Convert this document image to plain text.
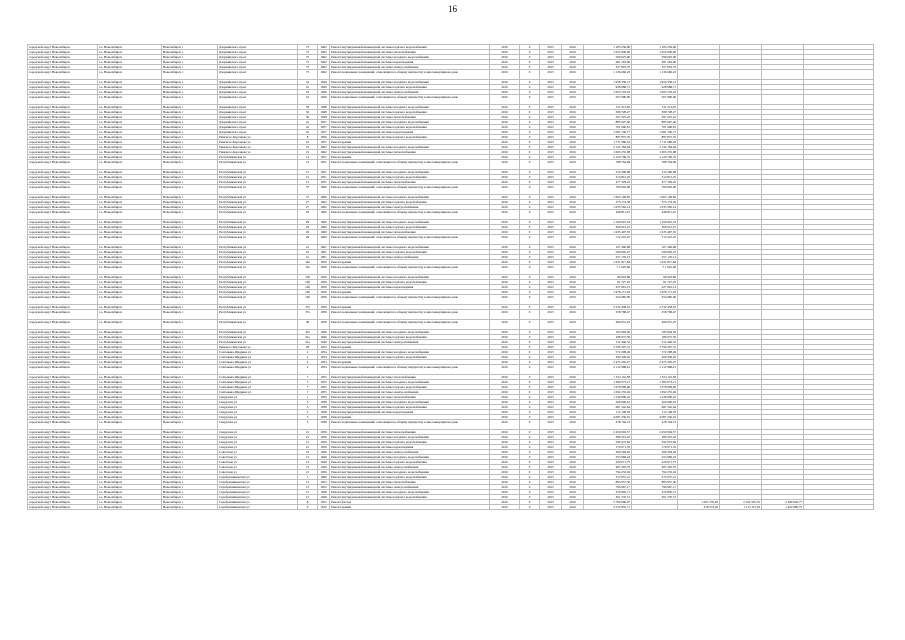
16
городской округ Новосибирск	г.о. Новосибирск	Новосибирск г	Дзержинского пр-кт	75	1962	Ремонт внутридомовой инженерной системы горячего водоснабжения	2016	0	2015	2016	1 183 256,00	1 183 256,00				
городской округ Новосибирск	г.о. Новосибирск	Новосибирск г	Дзержинского пр-кт	75	1962	Ремонт внутридомовой инженерной системы теплоснабжения	2016	0	2015	2016	1 052 000,00	1 052 000,00				
городской округ Новосибирск	г.о. Новосибирск	Новосибирск г	Дзержинского пр-кт	75	1962	Ремонт внутридомовой инженерной системы холодного водоснабжения	2016	0	2015	2016	599 025,00	599 025,00				
городской округ Новосибирск	г.о. Новосибирск	Новосибирск г	Дзержинского пр-кт	75	1962	Ремонт внутридомовой инженерной системы водоотведения	2016	0	2015	2016	481 263,00	481 263,00				
городской округ Новосибирск	г.о. Новосибирск	Новосибирск г	Дзержинского пр-кт	75	1962	Ремонт внутридомовой инженерной системы электроснабжения	2016	0	2015	2016	327 819,79	327 819,79				
городской округ Новосибирск	г.о. Новосибирск	Новосибирск г	Дзержинского пр-кт	75	1962	Ремонт подвальных помещений, относящихся к общему имуществу в многоквартирном доме	2016	0	2015	2016	1 136 660,23	1 136 660,23				
городской округ Новосибирск	г.о. Новосибирск	Новосибирск г	Дзержинского пр-кт	16	1949	Ремонт внутридомовой инженерной системы холодного водоснабжения	2016	0	2015	2016	1 956 358,13	1 956 358,13				
городской округ Новосибирск	г.о. Новосибирск	Новосибирск г	Дзержинского пр-кт	16	1949	Ремонт внутридомовой инженерной системы горячего водоснабжения	2016	0	2015	2016	928 688,71	928 688,71				
городской округ Новосибирск	г.о. Новосибирск	Новосибирск г	Дзержинского пр-кт	16	1949	Ремонт внутридомовой инженерной системы электроснабжения	2016	0	2015	2016	1 093 718,43	1 093 718,43				
городской округ Новосибирск	г.о. Новосибирск	Новосибирск г	Дзержинского пр-кт	16	1949	Ремонт подвальных помещений, относящихся к общему имуществу в многоквартирном доме	2016	0	2015	2016	567 990,00	567 990,00				
городской округ Новосибирск	г.о. Новосибирск	Новосибирск г	Дзержинского пр-кт	30	1948	Ремонт внутридомовой инженерной системы холодного водоснабжения	2016	0	2015	2016	511 213,02	511 213,02				
городской округ Новосибирск	г.о. Новосибирск	Новосибирск г	Дзержинского пр-кт	30	1948	Ремонт внутридомовой инженерной системы горячего водоснабжения	2016	0	2015	2016	589 728,27	589 728,27				
городской округ Новосибирск	г.о. Новосибирск	Новосибирск г	Дзержинского пр-кт	30	1948	Ремонт внутридомовой инженерной системы теплоснабжения	2016	0	2015	2016	597 225,22	597 225,22				
городской округ Новосибирск	г.о. Новосибирск	Новосибирск г	Дзержинского пр-кт	2а	1957	Ремонт внутридомовой инженерной системы холодного водоснабжения	2016	0	2015	2016	885 607,46	885 607,46				
городской округ Новосибирск	г.о. Новосибирск	Новосибирск г	Дзержинского пр-кт	2а	1957	Ремонт внутридомовой инженерной системы горячего водоснабжения	2016	0	2015	2016	701 900,81	701 900,81				
городской округ Новосибирск	г.о. Новосибирск	Новосибирск г	Дзержинского пр-кт	2а	1957	Ремонт внутридомовой инженерной системы водоотведения	2016	0	2015	2016	1 081 706,77	1 081 706,77				
городской округ Новосибирск	г.о. Новосибирск	Новосибирск г	Римского-Корсакова ул	8	1956	Ремонт внутридомовой инженерной системы горячего водоснабжения	2016	0	2015	2016	887 875,35	887 875,35				
городской округ Новосибирск	г.о. Новосибирск	Новосибирск г	Римского-Корсакова ул	10	1957	Ремонт крыши	2016	0	2015	2016	1 711 086,18	1 711 086,18				
городской округ Новосибирск	г.о. Новосибирск	Новосибирск г	Римского-Корсакова ул	19	1962	Ремонт внутридомовой инженерной системы холодного водоснабжения	2016	0	2015	2016	2 142 184,64	2 142 184,64				
городской округ Новосибирск	г.о. Новосибирск	Новосибирск г	Римского-Корсакова ул	19	1962	Ремонт внутридомовой инженерной системы теплоснабжения	2016	0	2015	2016	1 065 235,08	1 065 235,08				
городской округ Новосибирск	г.о. Новосибирск	Новосибирск г	Республиканская ул	13	1951	Ремонт крыши	2016	0	2015	2016	2 120 706,76	2 120 706,76				
городской округ Новосибирск	г.о. Новосибирск	Новосибирск г	Республиканская ул	13	1951	Ремонт подвальных помещений, относящихся к общему имуществу в многоквартирном доме	2016	0	2015	2016	788 764,69	788 764,69				
городской округ Новосибирск	г.о. Новосибирск	Новосибирск г	Республиканская ул	15	1951	Ремонт внутридомовой инженерной системы холодного водоснабжения	2016	0	2015	2016	314 396,98	314 396,98				
городской округ Новосибирск	г.о. Новосибирск	Новосибирск г	Республиканская ул	15	1951	Ремонт внутридомовой инженерной системы горячего водоснабжения	2016	0	2015	2016	314 812,25	314 812,25				
городской округ Новосибирск	г.о. Новосибирск	Новосибирск г	Республиканская ул	15	1951	Ремонт внутридомовой инженерной системы теплоснабжения	2016	0	2015	2016	477 329,45	477 329,45				
городской округ Новосибирск	г.о. Новосибирск	Новосибирск г	Республиканская ул	37	1960	Ремонт подвальных помещений, относящихся к общему имуществу в многоквартирном доме	2016	0	2015	2016	709 902,00	709 902,00				
городской округ Новосибирск	г.о. Новосибирск	Новосибирск г	Республиканская ул	37	1960	Ремонт внутридомовой инженерной системы холодного водоснабжения	2016	0	2015	2016	1 005 109,85	1 005 109,85				
городской округ Новосибирск	г.о. Новосибирск	Новосибирск г	Республиканская ул	27	1962	Ремонт внутридомовой инженерной системы горячего водоснабжения	2016	0	2015	2016	373 174,56	373 174,56				
городской округ Новосибирск	г.о. Новосибирск	Новосибирск г	Республиканская ул	27	1962	Ремонт внутридомовой инженерной системы электроснабжения	2016	0	2015	2016	1 035 502,14	1 035 502,14				
городской округ Новосибирск	г.о. Новосибирск	Новосибирск г	Республиканская ул	29	1960	Ремонт подвальных помещений, относящихся к общему имуществу в многоквартирном доме	2016	0	2015	2016	448 811,25	448 811,25				
городской округ Новосибирск	г.о. Новосибирск	Новосибирск г	Республиканская ул	29	1960	Ремонт внутридомовой инженерной системы холодного водоснабжения	2016	0	2015	2016	1 169 691,19	1 169 691,19				
городской округ Новосибирск	г.о. Новосибирск	Новосибирск г	Республиканская ул	29	1960	Ремонт внутридомовой инженерной системы горячего водоснабжения	2016	0	2015	2016	369 612,21	369 612,21				
городской округ Новосибирск	г.о. Новосибирск	Новосибирск г	Республиканская ул	29	1960	Ремонт внутридомовой инженерной системы теплоснабжения	2016	0	2015	2016	1 635 497,55	1 635 497,55				
городской округ Новосибирск	г.о. Новосибирск	Новосибирск г	Республиканская ул	29	1960	Ремонт подвальных помещений, относящихся к общему имуществу в многоквартирном доме	2016	0	2015	2016	712 210,25	712 210,25				
городской округ Новосибирск	г.о. Новосибирск	Новосибирск г	Республиканская ул	41	1961	Ремонт внутридомовой инженерной системы холодного водоснабжения	2016	0	2015	2016	167 460,68	167 460,68				
городской округ Новосибирск	г.о. Новосибирск	Новосибирск г	Республиканская ул	41	1961	Ремонт внутридомовой инженерной системы горячего водоснабжения	2016	0	2015	2016	599 092,27	599 092,27				
городской округ Новосибирск	г.о. Новосибирск	Новосибирск г	Республиканская ул	41	1961	Ремонт внутридомовой инженерной системы электроснабжения	2016	0	2015	2016	257 135,13	257 135,13				
городской округ Новосибирск	г.о. Новосибирск	Новосибирск г	Республиканская ул	16а	1950	Ремонт крыши	2016	0	2015	2016	1 631 817,84	1 631 817,84				
городской округ Новосибирск	г.о. Новосибирск	Новосибирск г	Республиканская ул	16а	1950	Ремонт подвальных помещений, относящихся к общему имуществу в многоквартирном доме	2016	0	2015	2016	7 1 925,60	7 1 925,60				
городской округ Новосибирск	г.о. Новосибирск	Новосибирск г	Республиканская ул	16б	1950	Ремонт внутридомовой инженерной системы холодного водоснабжения	2016	0	2015	2016	86 943,80	86 943,80				
городской округ Новосибирск	г.о. Новосибирск	Новосибирск г	Республиканская ул	16б	1950	Ремонт внутридомовой инженерной системы горячего водоснабжения	2016	0	2015	2016	81 727,10	81 727,10				
городской округ Новосибирск	г.о. Новосибирск	Новосибирск г	Республиканская ул	16б	1950	Ремонт внутридомовой инженерной системы водоотведения	2016	0	2015	2016	227 991,13	227 991,13				
городской округ Новосибирск	г.о. Новосибирск	Новосибирск г	Республиканская ул	16б	1950	Ремонт крыши	2016	0	2015	2016	1 978 171,63	1 978 171,63				
городской округ Новосибирск	г.о. Новосибирск	Новосибирск г	Республиканская ул	16б	1950	Ремонт подвальных помещений, относящихся к общему имуществу в многоквартирном доме	2016	0	2015	2016	254 685,00	254 685,00				
городской округ Новосибирск	г.о. Новосибирск	Новосибирск г	Республиканская ул	37а	1959	Ремонт крыши	2016	0	2015	2016	2 532 458,61	2 532 458,61				
городской округ Новосибирск	г.о. Новосибирск	Новосибирск г	Республиканская ул	37а	1959	Ремонт подвальных помещений, относящихся к общему имуществу в многоквартирном доме	2016	0	2015	2016	258 768,47	258 768,47				
городской округ Новосибирск	г.о. Новосибирск	Новосибирск г	Республиканская ул	39	1958	Ремонт подвальных помещений, относящихся к общему имуществу в многоквартирном доме	2016	0	2015	2016	496 051,25	496 051,25				
городской округ Новосибирск	г.о. Новосибирск	Новосибирск г	Республиканская ул	41а	1946	Ремонт внутридомовой инженерной системы холодного водоснабжения	2016	0	2015	2016	185 904,56	185 904,56				
городской округ Новосибирск	г.о. Новосибирск	Новосибирск г	Республиканская ул	41а	1946	Ремонт внутридомовой инженерной системы горячего водоснабжения	2016	0	2015	2016	186 972,59	186 972,59				
городской округ Новосибирск	г.о. Новосибирск	Новосибирск г	Республиканская ул	41а	1946	Ремонт внутридомовой инженерной системы электроснабжения	2016	0	2015	2016	312 446,52	312 446,52				
городской округ Новосибирск	г.о. Новосибирск	Новосибирск г	Римского-Корсакова ул	28	1952	Ремонт крыши	2016	0	2015	2016	3 796 307,31	3 796 307,31				
городской округ Новосибирск	г.о. Новосибирск	Новосибирск г	Салтыкова-Щедрина ул	2	1954	Ремонт внутридомовой инженерной системы холодного водоснабжения	2016	0	2015	2016	572 298,49	572 298,49				
городской округ Новосибирск	г.о. Новосибирск	Новосибирск г	Салтыкова-Щедрина ул	2	1954	Ремонт внутридомовой инженерной системы горячего водоснабжения	2016	0	2015	2016	369 349,02	369 349,02				
городской округ Новосибирск	г.о. Новосибирск	Новосибирск г	Салтыкова-Щедрина ул	2	1954	Ремонт крыши	2016	0	2015	2016	2 475 202,27	2 475 202,27				
городской округ Новосибирск	г.о. Новосибирск	Новосибирск г	Салтыкова-Щедрина ул	2	1954	Ремонт подвальных помещений, относящихся к общему имуществу в многоквартирном доме	2016	0	2015	2016	2 112 968,01	2 112 968,01				
городской округ Новосибирск	г.о. Новосибирск	Новосибирск г	Салтыкова-Щедрина ул	7	1955	Ремонт внутридомовой инженерной системы теплоснабжения	2016	0	2015	2016	1 524 116,58	1 524 116,58				
городской округ Новосибирск	г.о. Новосибирск	Новосибирск г	Салтыкова-Щедрина ул	7	1955	Ремонт внутридомовой инженерной системы холодного водоснабжения	2016	0	2015	2016	1 384 073,15	1 384 073,15				
городской округ Новосибирск	г.о. Новосибирск	Новосибирск г	Салтыкова-Щедрина ул	7	1955	Ремонт внутридомовой инженерной системы горячего водоснабжения	2016	0	2015	2016	1 078 099,66	1 078 099,66				
городской округ Новосибирск	г.о. Новосибирск	Новосибирск г	Салтыкова-Щедрина ул	7	1955	Ремонт внутридомовой инженерной системы электроснабжения	2016	0	2015	2016	1 092 255,94	1 092 255,94				
городской округ Новосибирск	г.о. Новосибирск	Новосибирск г	Свердлова ул	1	1956	Ремонт внутридомовой инженерной системы теплоснабжения	2016	0	2015	2016	1 546 090,22	1 546 090,22				
городской округ Новосибирск	г.о. Новосибирск	Новосибирск г	Свердлова ул	3	1938	Ремонт внутридомовой инженерной системы холодного водоснабжения	2016	0	2015	2016	266 990,61	266 990,61				
городской округ Новосибирск	г.о. Новосибирск	Новосибирск г	Свердлова ул	3	1938	Ремонт внутридомовой инженерной системы горячего водоснабжения	2016	0	2015	2016	681 542,64	681 542,64				
городской округ Новосибирск	г.о. Новосибирск	Новосибирск г	Свердлова ул	3	1938	Ремонт внутридомовой инженерной системы водоотведения	2016	0	2015	2016	112 148,78	112 148,78				
городской округ Новосибирск	г.о. Новосибирск	Новосибирск г	Свердлова ул	3	1938	Ремонт крыши	2016	0	2015	2016	4 087 236,01	4 087 236,01				
городской округ Новосибирск	г.о. Новосибирск	Новосибирск г	Свердлова ул	3	1938	Ремонт подвальных помещений, относящихся к общему имуществу в многоквартирном доме	2016	0	2015	2016	418 104,74	418 104,74				
городской округ Новосибирск	г.о. Новосибирск	Новосибирск г	Свердлова ул	21	1956	Ремонт внутридомовой инженерной системы теплоснабжения	2016	0	2015	2016	2 459 004,57	2 459 004,57				
городской округ Новосибирск	г.о. Новосибирск	Новосибирск г	Свердлова ул	21	1956	Ремонт внутридомовой инженерной системы холодного водоснабжения	2016	0	2015	2016	386 201,22	386 201,22				
городской округ Новосибирск	г.о. Новосибирск	Новосибирск г	Свердлова ул	21	1956	Ремонт внутридомовой инженерной системы горячего водоснабжения	2016	0	2015	2016	592 972,84	592 972,84				
городской округ Новосибирск	г.о. Новосибирск	Новосибирск г	Свердлова ул	21	1956	Ремонт внутридомовой инженерной системы водоотведения	2016	0	2015	2016	179 071,76	179 071,76				
городской округ Новосибирск	г.о. Новосибирск	Новосибирск г	Советская ул	19	1949	Ремонт внутридомовой инженерной системы электроснабжения	2016	0	2015	2016	399 594,26	399 594,26				
городской округ Новосibирск	г.о. Новосибирск	Новосибирск г	Советская ул	13	1949	Ремонт внутридомовой инженерной системы холодного водоснабжения	2016	0	2015	2016	253 969,23	253 969,23				
городской округ Новосибирск	г.о. Новосибирск	Новосибирск г	Советская ул	13	1949	Ремонт внутридомовой инженерной системы горячего водоснабжения	2016	0	2015	2016	229 671,75	229 671,75				
городской округ Новосибирск	г.о. Новосибирск	Новосибирск г	Советская ул	13	1949	Ремонт внутридомовой инженерной системы электроснабжения	2016	0	2015	2016	487 265,79	487 265,79				
городской округ Новосибирск	г.о. Новосибирск	Новосибирск г	Советская ул	21	1956	Ремонт внутридомовой инженерной системы холодного водоснабжения	2016	0	2015	2016	794 233,04	794 233,04				
городской округ Новосибирск	г.о. Новосибирск	Новосибирск г	Серебренниковская ул	1	1960	Ремонт внутридомовой инженерной системы горячего водоснабжения	2016	0	2015	2016	315 057,21	315 057,21				
городской округ Новосибирск	г.о. Новосибирск	Новосибирск г	Серебренниковская ул	13	1952	Ремонт внутридомовой инженерной системы теплоснабжения	2016	0	2015	2016	883 957,30	883 957,30				
городской округ Новосибирск	г.о. Новосибирск	Новосибирск г	Серебренниковская ул	13	1952	Ремонт внутридомовой инженерной системы электроснабжения	2016	0	2015	2016	796 967,17	796 967,17				
городской округ Новосибирск	г.о. Новосибирск	Новосибирск г	Серебренниковская ул	15	1948	Ремонт внутридомовой инженерной системы холодного водоснабжения	2016	0	2015	2016	376 805,71	376 805,71				
городской округ Новосибирск	г.о. Новосибирск	Новосибирск г	Серебренниковская ул	15	1948	Ремонт внутридомовой инженерной системы горячего водоснабжения	2016	0	2015	2016	361 576,51	361 576,51				
городской округ Новосибирск	г.о. Новосибирск	Новосибирск г	Серебренниковская ул	8	1952	Ремонт фасада	2016	0	2015	2016	5 790 096,97		1 097 276,95	2 192 325,55	2 489 044,77	
городской округ Новосибирск	г.о. Новосибирск	Новосибирск г	Серебренниковская ул	9	1932	Ремонт крыши	2016	0	2015	2016	3 535 855,71		418 274,65	1 213 115,56	1 404 986,75	
